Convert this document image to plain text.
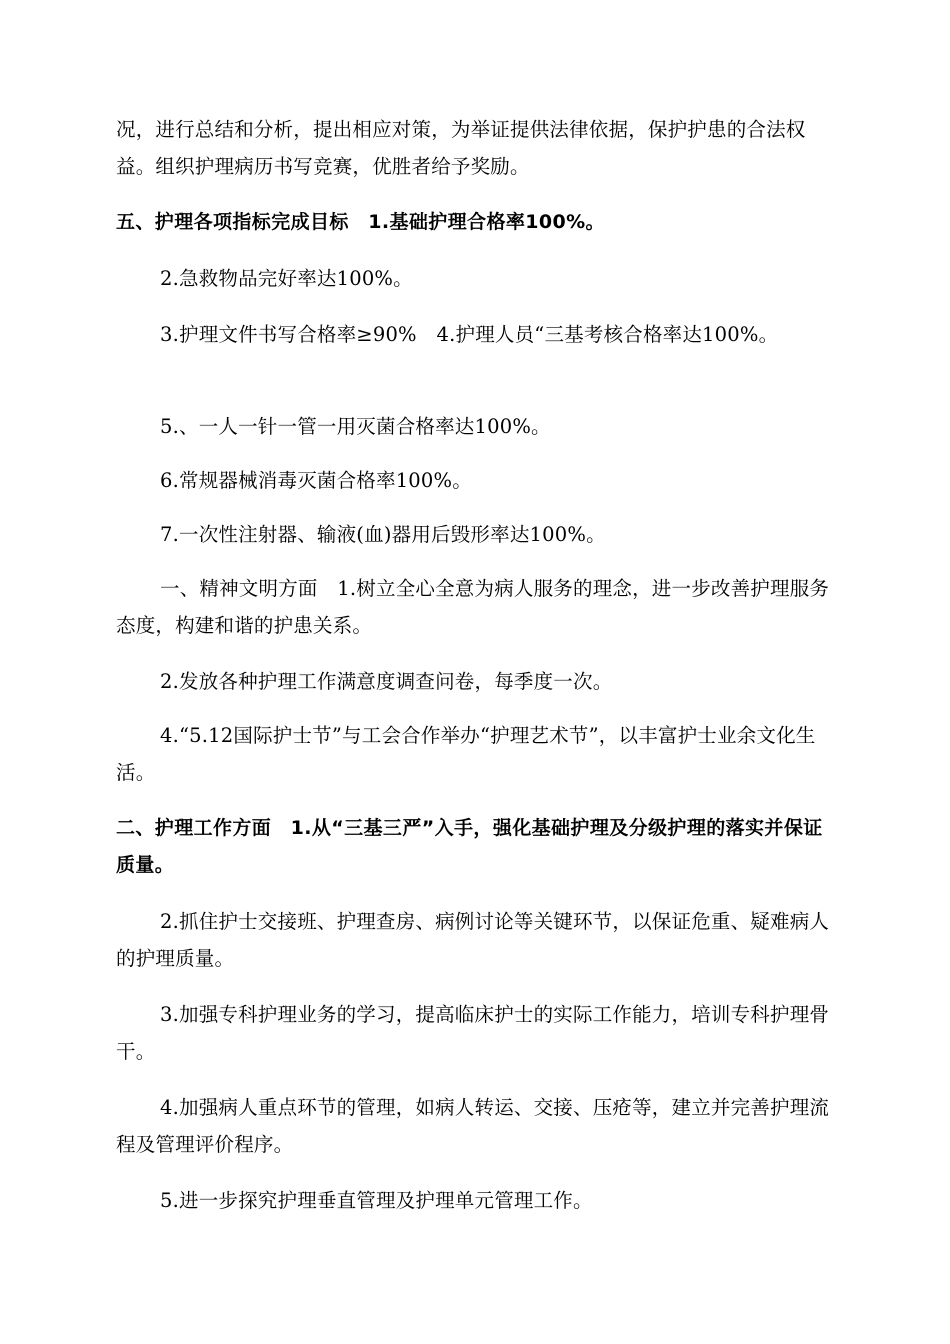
况，进行总结和分析，提出相应对策，为举证提供法律依据，保护护患的合法权益。组织护理病历书写竞赛，优胜者给予奖励。

五、护理各项指标完成目标　1.基础护理合格率100%。

2.急救物品完好率达100%。

3.护理文件书写合格率≥90%　4.护理人员“三基考核合格率达100%。

5.、一人一针一管一用灭菌合格率达100%。

6.常规器械消毒灭菌合格率100%。

7.一次性注射器、输液(血)器用后毁形率达100%。

一、精神文明方面　1.树立全心全意为病人服务的理念，进一步改善护理服务态度，构建和谐的护患关系。

2.发放各种护理工作满意度调查问卷，每季度一次。

4.“5.12国际护士节”与工会合作举办“护理艺术节”，以丰富护士业余文化生活。

二、护理工作方面　1.从“三基三严”入手，强化基础护理及分级护理的落实并保证质量。

2.抓住护士交接班、护理查房、病例讨论等关键环节，以保证危重、疑难病人的护理质量。

3.加强专科护理业务的学习，提高临床护士的实际工作能力，培训专科护理骨干。

4.加强病人重点环节的管理，如病人转运、交接、压疮等，建立并完善护理流程及管理评价程序。

5.进一步探究护理垂直管理及护理单元管理工作。
